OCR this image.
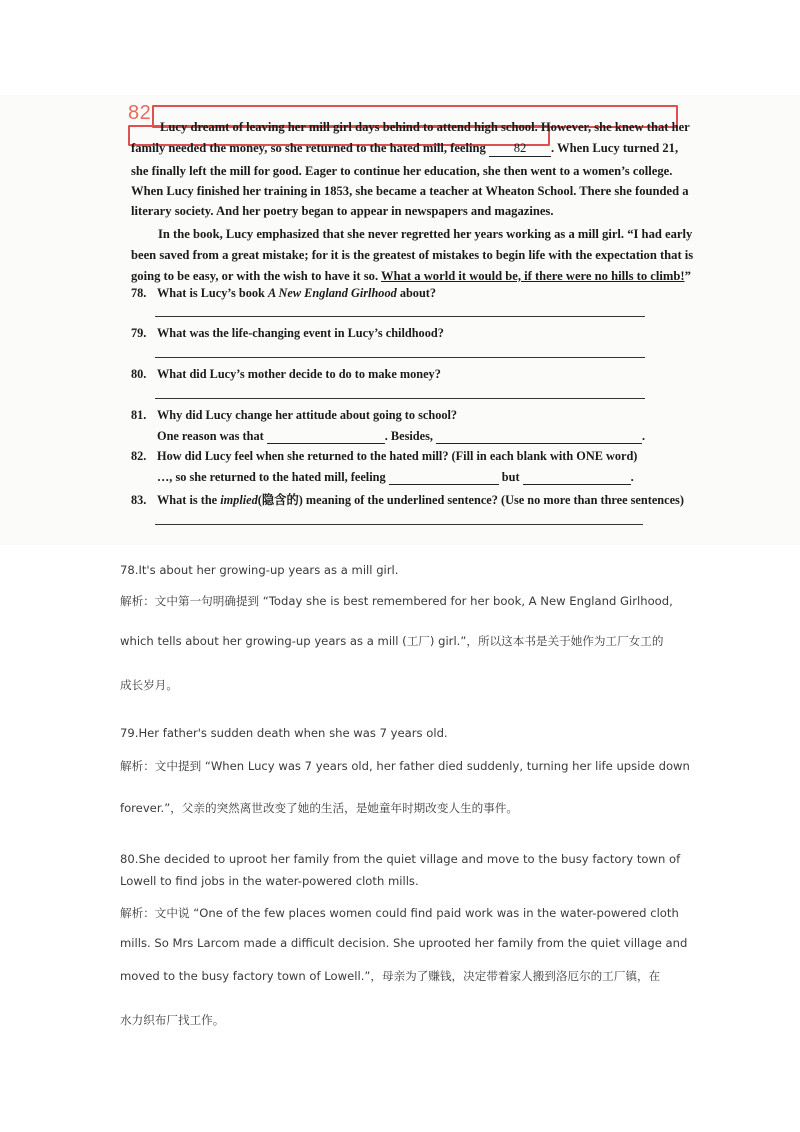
82

Lucy dreamt of leaving her mill girl days behind to attend high school. However, she knew that her

family needed the money, so she returned to the hated mill, feeling 82 . When Lucy turned 21,

she finally left the mill for good. Eager to continue her education, she then went to a women’s college.

When Lucy finished her training in 1853, she became a teacher at Wheaton School. There she founded a

literary society. And her poetry began to appear in newspapers and magazines.

In the book, Lucy emphasized that she never regretted her years working as a mill girl. “I had early

been saved from a great mistake; for it is the greatest of mistakes to begin life with the expectation that is

going to be easy, or with the wish to have it so. What a world it would be, if there were no hills to climb!”

78. What is Lucy’s book A New England Girlhood about?
79. What was the life-changing event in Lucy’s childhood?
80. What did Lucy’s mother decide to do to make money?
81. Why did Lucy change her attitude about going to school?
One reason was that	. Besides,	.
82. How did Lucy feel when she returned to the hated mill? (Fill in each blank with ONE word)
…, so she returned to the hated mill, feeling	but	.
83. What is the implied(隐含的) meaning of the underlined sentence? (Use no more than three sentences)
78.It's about her growing-up years as a mill girl.
解析：文中第一句明确提到 “Today she is best remembered for her book, A New England Girlhood,
which tells about her growing-up years as a mill (工厂) girl.”，所以这本书是关于她作为工厂女工的
成长岁月。
79.Her father's sudden death when she was 7 years old.
解析：文中提到 “When Lucy was 7 years old, her father died suddenly, turning her life upside down
forever.”，父亲的突然离世改变了她的生活，是她童年时期改变人生的事件。
80.She decided to uproot her family from the quiet village and move to the busy factory town of
Lowell to find jobs in the water-powered cloth mills.
解析：文中说 “One of the few places women could find paid work was in the water-powered cloth
mills. So Mrs Larcom made a difficult decision. She uprooted her family from the quiet village and
moved to the busy factory town of Lowell.”，母亲为了赚钱，决定带着家人搬到洛厄尔的工厂镇，在
水力织布厂找工作。
